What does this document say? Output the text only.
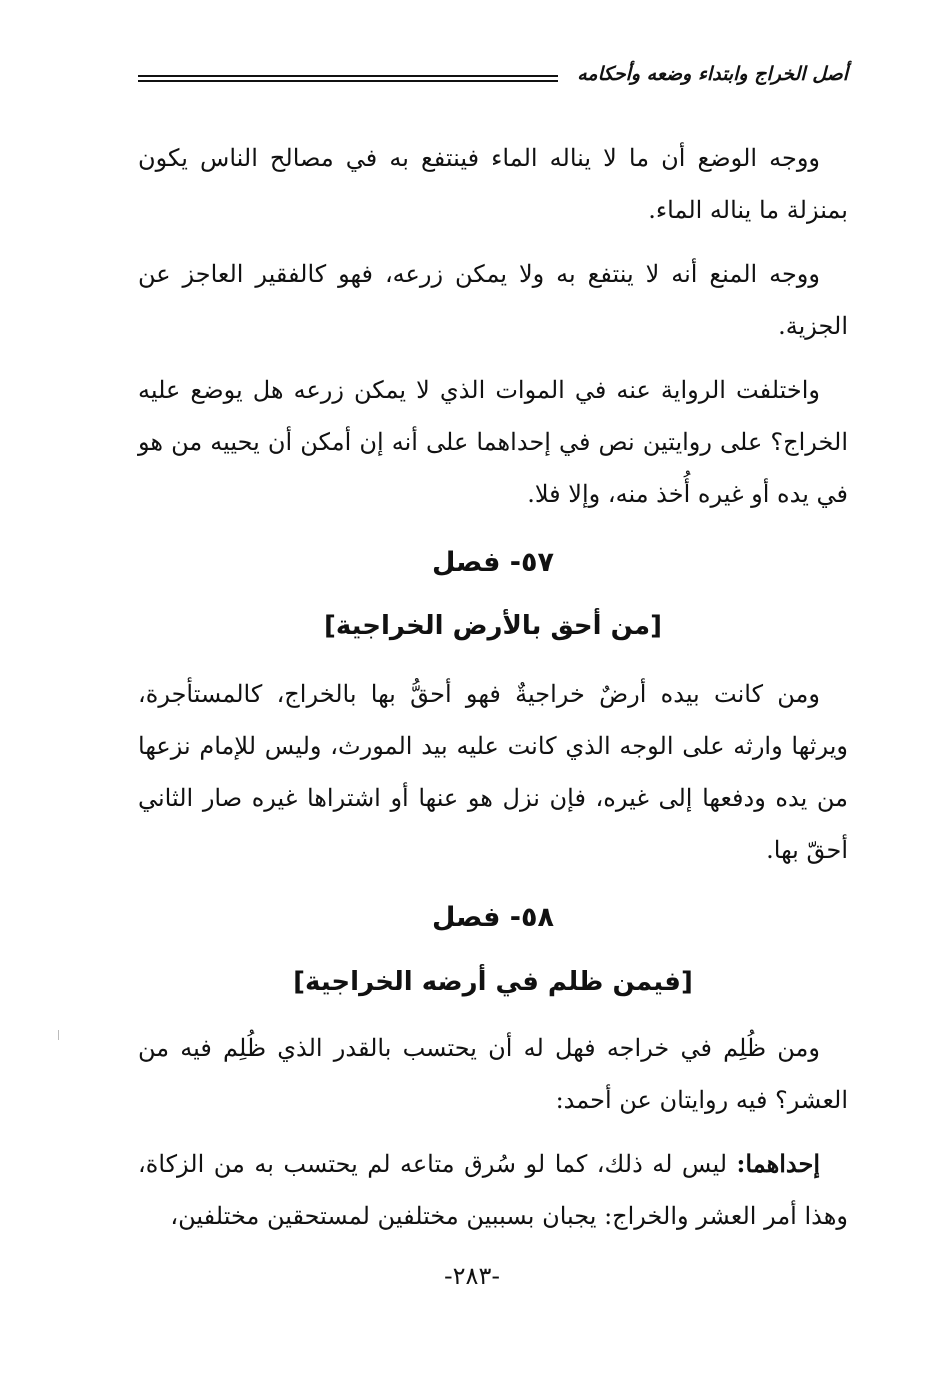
أصل الخراج وابتداء وضعه وأحكامه

ووجه الوضع أن ما لا يناله الماء فينتفع به في مصالح الناس يكون بمنزلة ما يناله الماء.

ووجه المنع أنه لا ينتفع به ولا يمكن زرعه، فهو كالفقير العاجز عن الجزية.

واختلفت الرواية عنه في الموات الذي لا يمكن زرعه هل يوضع عليه الخراج؟ على روايتين نص في إحداهما على أنه إن أمكن أن يحييه من هو في يده أو غيره أُخذ منه، وإلا فلا.

٥٧- فصل
[من أحق بالأرض الخراجية]

ومن كانت بيده أرضٌ خراجيةٌ فهو أحقُّ بها بالخراج، كالمستأجرة، ويرثها وارثه على الوجه الذي كانت عليه بيد المورث، وليس للإمام نزعها من يده ودفعها إلى غيره، فإن نزل هو عنها أو اشتراها غيره صار الثاني أحقّ بها.

٥٨- فصل
[فيمن ظلم في أرضه الخراجية]

ومن ظُلِم في خراجه فهل له أن يحتسب بالقدر الذي ظُلِم فيه من العشر؟ فيه روايتان عن أحمد:

إحداهما: ليس له ذلك، كما لو سُرق متاعه لم يحتسب به من الزكاة، وهذا أمر العشر والخراج: يجبان بسببين مختلفين لمستحقين مختلفين،

-٢٨٣-
